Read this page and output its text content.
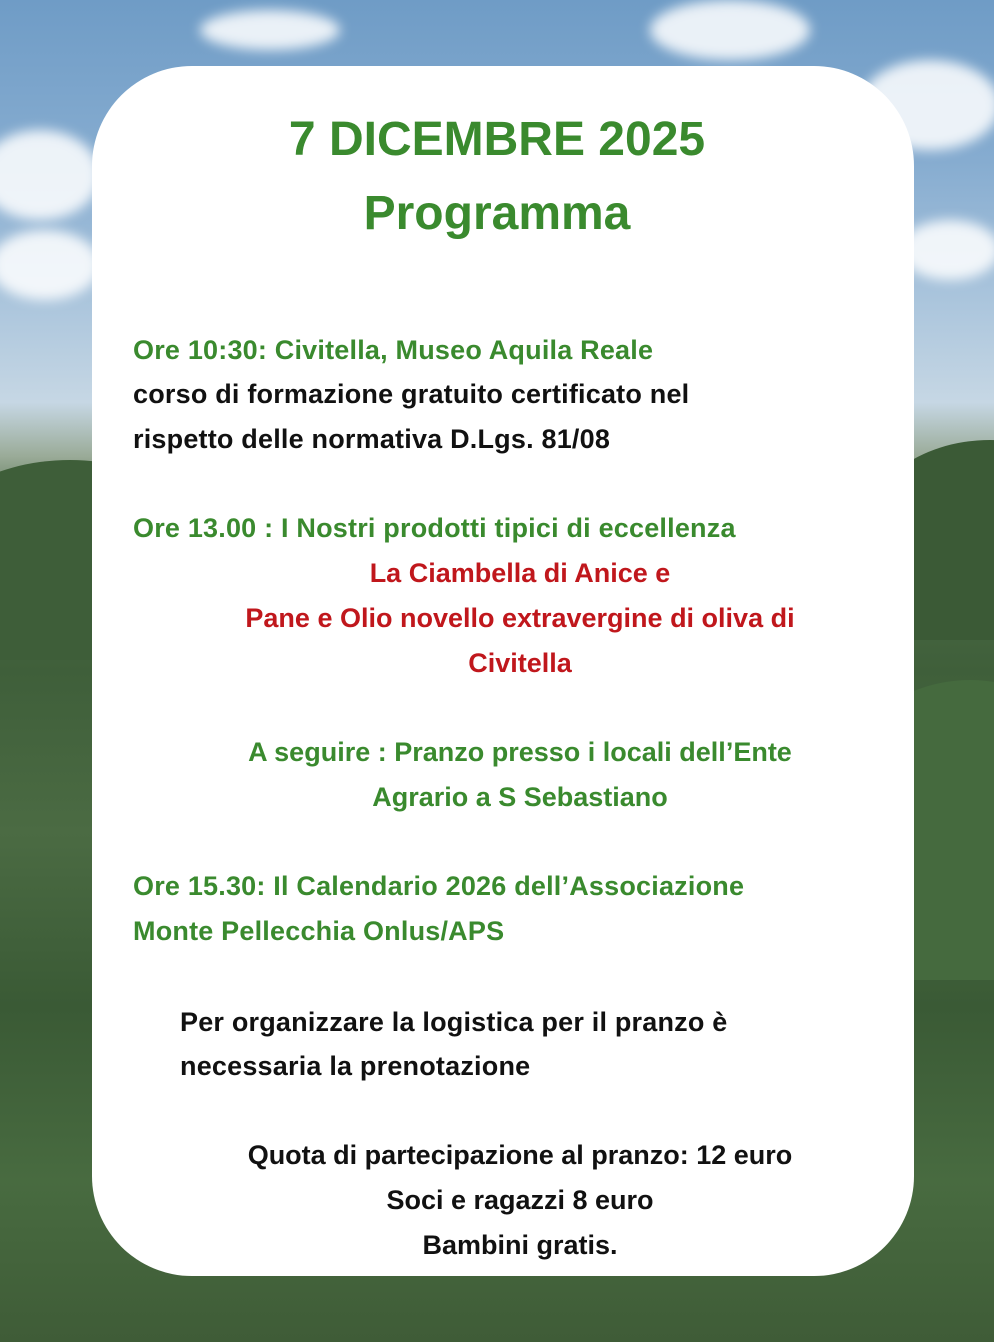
7 DICEMBRE 2025
Programma
Ore 10:30: Civitella, Museo Aquila Reale
corso di formazione gratuito certificato nel
rispetto delle normativa D.Lgs. 81/08
Ore 13.00 : I Nostri prodotti tipici di eccellenza
La Ciambella di Anice e
Pane e Olio novello extravergine di oliva di
Civitella
A seguire : Pranzo presso i locali dell’Ente
Agrario a S Sebastiano
Ore 15.30: Il Calendario 2026 dell’Associazione
Monte Pellecchia Onlus/APS
Per organizzare la logistica per il pranzo è
necessaria la prenotazione
Quota di partecipazione al pranzo: 12 euro
Soci e ragazzi 8 euro
Bambini gratis.
